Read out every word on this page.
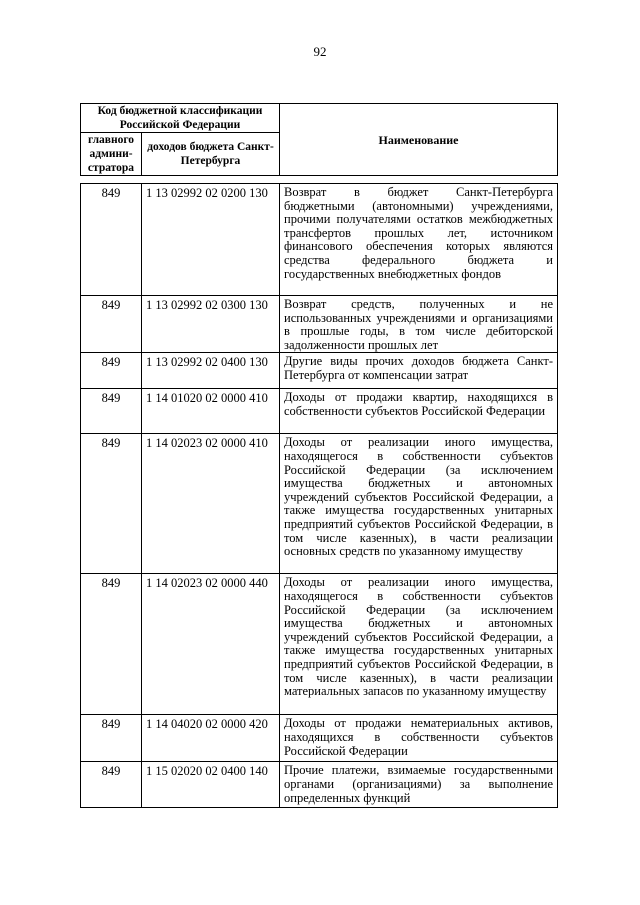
92
Код бюджетной классификации Российской Федерации		Наименование
главного админи-стратора	доходов бюджета Санкт-Петербурга	
849	1 13 02992 02 0200 130	Возврат в бюджет Санкт-Петербурга бюджетными (автономными) учреждениями, прочими получателями остатков межбюджетных трансфертов прошлых лет, источником финансового обеспечения которых являются средства федерального бюджета и государственных внебюджетных фондов
849	1 13 02992 02 0300 130	Возврат средств, полученных и не использованных учреждениями и организациями в прошлые годы, в том числе дебиторской задолженности прошлых лет
849	1 13 02992 02 0400 130	Другие виды прочих доходов бюджета Санкт-Петербурга от компенсации затрат
849	1 14 01020 02 0000 410	Доходы от продажи квартир, находящихся в собственности субъектов Российской Федерации
849	1 14 02023 02 0000 410	Доходы от реализации иного имущества, находящегося в собственности субъектов Российской Федерации (за исключением имущества бюджетных и автономных учреждений субъектов Российской Федерации, а также имущества государственных унитарных предприятий субъектов Российской Федерации, в том числе казенных), в части реализации основных средств по указанному имуществу
849	1 14 02023 02 0000 440	Доходы от реализации иного имущества, находящегося в собственности субъектов Российской Федерации (за исключением имущества бюджетных и автономных учреждений субъектов Российской Федерации, а также имущества государственных унитарных предприятий субъектов Российской Федерации, в том числе казенных), в части реализации материальных запасов по указанному имуществу
849	1 14 04020 02 0000 420	Доходы от продажи нематериальных активов, находящихся в собственности субъектов Российской Федерации
849	1 15 02020 02 0400 140	Прочие платежи, взимаемые государственными органами (организациями) за выполнение определенных функций
